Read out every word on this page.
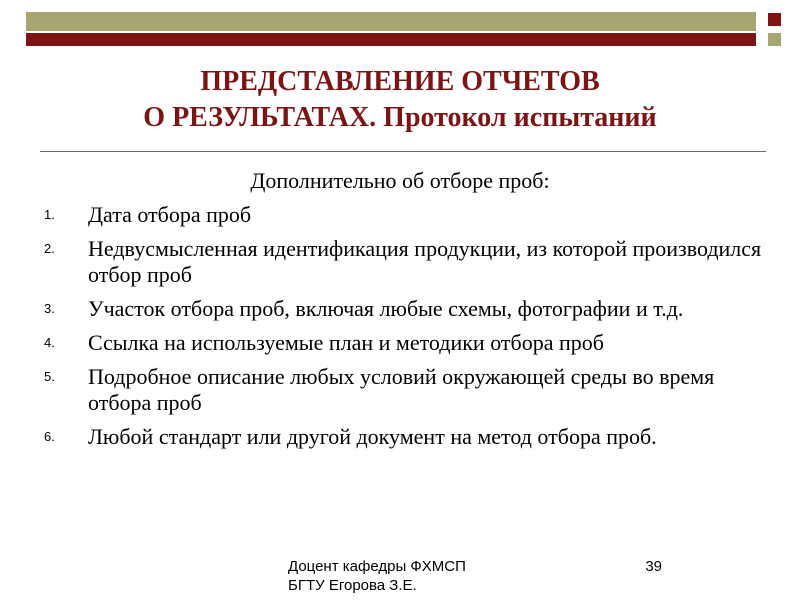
ПРЕДСТАВЛЕНИЕ ОТЧЕТОВ
О РЕЗУЛЬТАТАХ. Протокол испытаний
Дополнительно об отборе проб:
1. Дата отбора проб
2. Недвусмысленная идентификация продукции, из которой производился отбор проб
3. Участок отбора проб, включая любые схемы, фотографии и т.д.
4. Ссылка на используемые план и методики отбора проб
5. Подробное описание любых условий окружающей среды во время отбора проб
6. Любой стандарт или другой документ на метод отбора проб.
Доцент кафедры ФХМСП
БГТУ Егорова З.Е.
39
